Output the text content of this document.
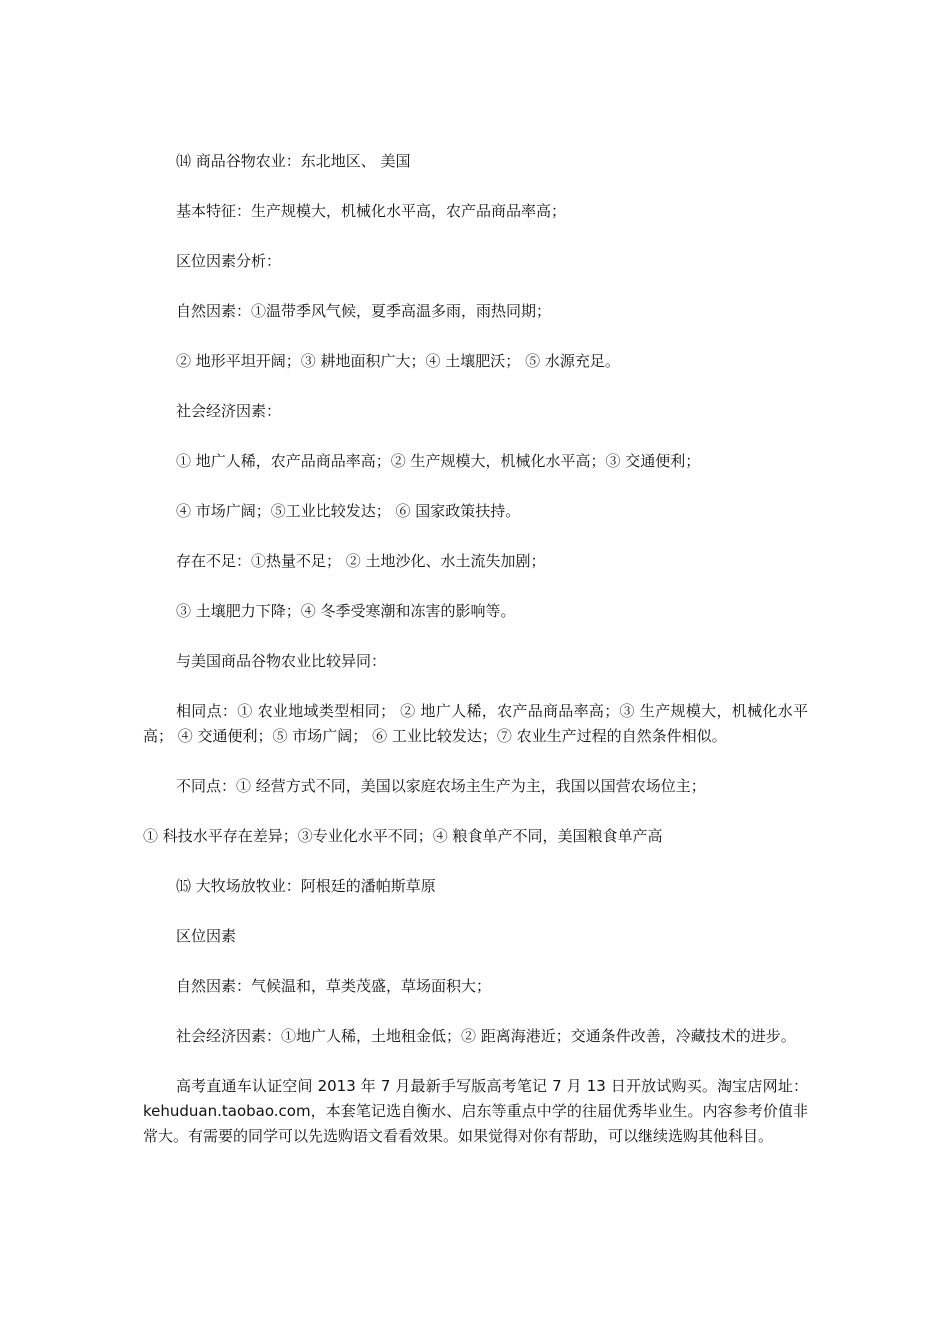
⒁ 商品谷物农业：东北地区、 美国

基本特征：生产规模大，机械化水平高，农产品商品率高；

区位因素分析：

自然因素：①温带季风气候，夏季高温多雨，雨热同期；

② 地形平坦开阔；③ 耕地面积广大；④ 土壤肥沃； ⑤ 水源充足。

社会经济因素：

① 地广人稀，农产品商品率高；② 生产规模大，机械化水平高；③ 交通便利；

④ 市场广阔；⑤工业比较发达； ⑥ 国家政策扶持。

存在不足：①热量不足； ② 土地沙化、水土流失加剧；

③ 土壤肥力下降；④ 冬季受寒潮和冻害的影响等。

与美国商品谷物农业比较异同：

相同点：① 农业地域类型相同； ② 地广人稀，农产品商品率高；③ 生产规模大，机械化水平高； ④ 交通便利；⑤ 市场广阔； ⑥ 工业比较发达；⑦ 农业生产过程的自然条件相似。

不同点：① 经营方式不同，美国以家庭农场主生产为主，我国以国营农场位主；

① 科技水平存在差异；③专业化水平不同；④ 粮食单产不同，美国粮食单产高

⒂ 大牧场放牧业：阿根廷的潘帕斯草原

区位因素

自然因素：气候温和，草类茂盛，草场面积大；

社会经济因素：①地广人稀，土地租金低；② 距离海港近；交通条件改善，冷藏技术的进步。

高考直通车认证空间 2013 年 7 月最新手写版高考笔记 7 月 13 日开放试购买。淘宝店网址：kehuduan.taobao.com，本套笔记选自衡水、启东等重点中学的往届优秀毕业生。内容参考价值非常大。有需要的同学可以先选购语文看看效果。如果觉得对你有帮助，可以继续选购其他科目。
